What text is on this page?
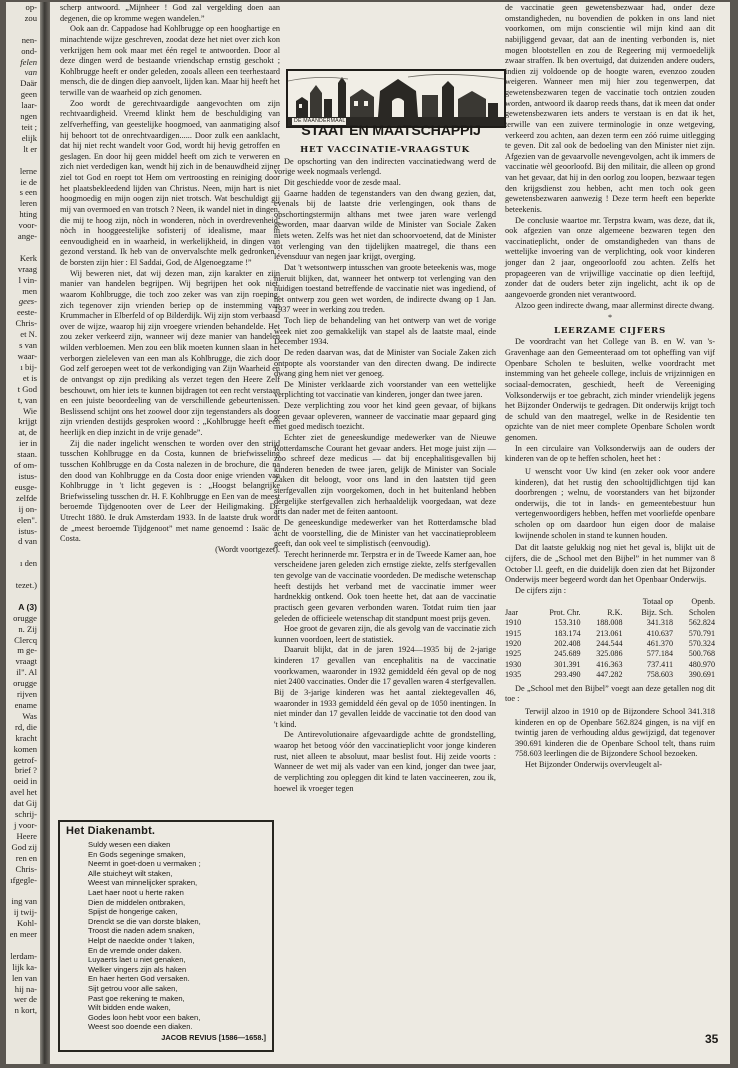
op-
zou

nen-
ond-
felen
van
Daär
geen
laar-
ngen
teit ;
elijk
lt er

lerne
ie de
s een
leren
hting
voor-
ange-

Kerk
vraag
l vin-
men
gees-
eeste-
Chris-
et N.
s van
waar-
ı bij-
et is
t God
t, van
Wie
krijgt
at, de
ier in
staan.
of om-
istus-
eusge-
zelfde
ij on-
elen".
istus-
d van

ı den

tezet.)

A (3)
orugge
n. Zij
Clercq
m ge-
vraagt
il". Al
orugge
rijven
ename
Was
rd, die
kracht
komen
getrof-
brief ?
oeid in
avel het
dat Gij
schrij-
j voor-
Heere
God zij
ren en
Chris-
ıfgegle-

ing van
ij twij-
Kohl-
en meer

lerdam-
lijk ka-
len van
hij na-
wer de
n kort,

scherp antwoord. „Mijnheer ! God zal vergelding doen aan degenen, die op kromme wegen wandelen.”

Ook aan dr. Cappadose had Kohlbrugge op een hooghartige en minachtende wijze geschreven, zoodat deze het niet over zich kon verkrijgen hem ook maar met één regel te antwoorden. Door al deze dingen werd de bestaande vriendschap ernstig geschokt ; Kohlbrugge heeft er onder geleden, zooals alleen een teerhestaard mensch, die de dingen diep aanvoelt, lijden kan. Maar hij heeft het terwille van de waarheid op zich genomen.

Zoo wordt de gerechtvaardigde aangevochten om zijn rechtvaardigheid. Vreemd klinkt hem de beschuldiging van zelfverheffing, van geestelijke hoogmoed, van aanmatiging alsof hij behoort tot de onrechtvaardigen...... Door zulk een aanklacht, dat hij niet recht wandelt voor God, wordt hij hevig getroffen en geslagen. En door hij geen middel heeft om zich te verweren en zich niet verdedigen kan, wendt hij zich in de benauwdheid zijner ziel tot God en roept tot Hem om vertroosting en reiniging door het plaatsbekleedend lijden van Christus. Neen, mijn hart is niet hoogmoedig en mijn oogen zijn niet trotsch. Wat beschuldigt gij mij van overmoed en van trotsch ? Neen, ik wandel niet in dingen, die mij te hoog zijn, nòch in wonderen, nòch in overdrevenheid, nòch in hooggeestelijke sofisterij of idealisme, maar in eenvoudigheid en in waarheid, in werkelijkheid, in dingen van gezond verstand. Ik heb van de onvervalschte melk gedronken ; de borsten zijn hier : El Saddai, God, de Algenoegzame !”

Wij beweren niet, dat wij dezen man, zijn karakter en zijn manier van handelen begrijpen. Wij begrijpen het ook niet, waarom Kohlbrugge, die toch zoo zeker was van zijn roeping, zich tegenover zijn vrienden beriep op de instemming van Krummacher in Elberfeld of op Bilderdijk. Wij zijn stom verbaasd over de wijze, waarop hij zijn vroegere vrienden behandelde. Het zou zeker verkeerd zijn, wanneer wij deze manier van handelen wilden verbloemen. Men zou een blik moeten kunnen slaan in het verborgen zieleleven van een man als Kohlbrugge, die zich door God zelf geroepen weet tot de verkondiging van Zijn Waarheid en de ontvangst op zijn prediking als verzet tegen den Heere Zelf beschouwt, om hier iets te kunnen bijdragen tot een recht verstaan en een juiste beoordeeling van de verschillende gebeurtenissen. Beslissend schijnt ons het zoowel door zijn tegenstanders als door zijn vrienden destijds gesproken woord : „Kohlbrugge heeft een heerlijk en diep inzicht in de vrije genade”.

Zij die nader ingelicht wenschen te worden over den strijd tusschen Kohlbrugge en da Costa, kunnen de briefwisseling tusschen Kohlbrugge en da Costa nalezen in de brochure, die na den dood van Kohlbrugge en da Costa door enige vrienden van Kohlbrugge in 't licht gegeven is : „Hoogst belangrijke Briefwisseling tusschen dr. H. F. Kohlbrugge en Een van de meest beroemde Tijdgenooten over de Leer der Heiligmaking. Dr. Utrecht 1880. Ie druk Amsterdam 1933. In de laatste druk wordt de „meest beroemde Tijdgenoot” met name genoemd : Isaäc de Costa.

(Wordt voortgezet).

Het Diakenambt.
Suldy wesen een diaken
En Gods segeninge smaken,
Neemt in goet-doen u vermaken ;
Alle stuicheyt wilt staken,
Weest van minnelijcker spraken,
Laet haer noot u herte raken
Dien de middelen ontbraken,
Spijst de hongerige caken,
Drenckt se die van dorste blaken,
Troost die naden adem snaken,
Helpt de naeckte onder 't laken,
En de vremde onder daken.
Luyaerts laet u niet genaken,
Welker vingers zijn als haken
En haer herten God versaken.
Sijt getrou voor alle saken,
Past goe rekening te maken,
Wilt bidden ende waken,
Godes loon hebt voor een baken,
Weest soo doende een diaken.
JACOB REVIUS [1586—1658.]
DE MAANDERMAAL
STAAT EN MAATSCHAPPIJ
HET VACCINATIE-VRAAGSTUK

De opschorting van den indirecten vaccinatiedwang werd de vorige week nogmaals verlengd.

Dit geschiedde voor de zesde maal.

Gaarne hadden de tegenstanders van den dwang gezien, dat, evenals bij de laatste drie verlengingen, ook thans de opschortingstermijn althans met twee jaren ware verlengd geworden, maar daarvan wilde de Minister van Sociale Zaken niets weten. Zelfs was het niet dan schoorvoetend, dat de Minister tot verlenging van den tijdelijken maatregel, die thans een levensduur van negen jaar krijgt, overging.

Dat 't wetsontwerp intusschen van groote beteekenis was, moge hieruit blijken, dat, wanneer het ontwerp tot verlenging van den huidigen toestand betreffende de vaccinatie niet was ingediend, of het ontwerp zou geen wet worden, de indirecte dwang op 1 Jan. 1937 weer in werking zou treden.

Toch liep de behandeling van het ontwerp van wet de vorige week niet zoo gemakkelijk van stapel als de laatste maal, einde December 1934.

De reden daarvan was, dat de Minister van Sociale Zaken zich ontpopte als voorstander van den directen dwang. De indirecte dwang ging hem niet ver genoeg.

De Minister verklaarde zich voorstander van een wettelijke verplichting tot vaccinatie van kinderen, jonger dan twee jaren.

Deze verplichting zou voor het kind geen gevaar, of bijkans geen gevaar opleveren, wanneer de vaccinatie maar gepaard ging met goed medisch toezicht.

Echter ziet de geneeskundige medewerker van de Nieuwe Rotterdamsche Courant het gevaar anders. Het moge juist zijn — zoo schreef deze medicus — dat bij encephalitisgevallen bij kinderen beneden de twee jaren, gelijk de Minister van Sociale Zaken dit beloogt, voor ons land in den laatsten tijd geen sterfgevallen zijn voorgekomen, doch in het buitenland hebben dergelijke sterfgevallen zich herhaaldelijk voorgedaan, wat deze arts dan nader met de feiten aantoont.

De geneeskundige medewerker van het Rotterdamsche blad acht de voorstelling, die de Minister van het vaccinatieprobleem geeft, dan ook veel te simplistisch (eenvoudig).

Terecht herinnerde mr. Terpstra er in de Tweede Kamer aan, hoe verscheidene jaren geleden zich ernstige ziekte, zelfs sterfgevallen ten gevolge van de vaccinatie voordeden. De medische wetenschap heeft destijds het verband met de vaccinatie immer weer hardnekkig ontkend. Ook toen heette het, dat aan de vaccinatie practisch geen gevaren verbonden waren. Totdat ruim tien jaar geleden de officieele wetenschap dit standpunt moest prijs geven.

Hoe groot de gevaren zijn, die als gevolg van de vaccinatie zich kunnen voordoen, leert de statistiek.

Daaruit blijkt, dat in de jaren 1924—1935 bij de 2-jarige kinderen 17 gevallen van encephalitis na de vaccinatie voorkwamen, waaronder in 1932 gemiddeld één geval op de nog niet 2400 vaccinaties. Onder die 17 gevallen waren 4 sterfgevallen. Bij de 3-jarige kinderen was het aantal ziektegevallen 46, waaronder in 1933 gemiddeld één geval op de 1050 inentingen. In niet minder dan 17 gevallen leidde de vaccinatie tot den dood van 't kind.

De Antirevolutionaire afgevaardigde achtte de grondstelling, waarop het betoog vóór den vaccinatieplicht voor jonge kinderen rust, niet alleen te absoluut, maar beslist fout. Hij zeide voorts : Wanneer de wet mij als vader van een kind, jonger dan twee jaar, de verplichting zou opleggen dit kind te laten vaccineeren, zou ik, hoewel ik vroeger tegen

de vaccinatie geen gewetensbezwaar had, onder deze omstandigheden, nu bovendien de pokken in ons land niet voorkomen, om mijn conscientie wil mijn kind aan dit nabijliggend gevaar, dat aan de inenting verbonden is, niet mogen blootstellen en zou de Regeering mij vermoedelijk zwaar straffen. Ik ben overtuigd, dat duizenden andere ouders, indien zij voldoende op de hoogte waren, evenzoo zouden weigeren. Wanneer men mij hier zou tegenwerpen, dat gewetensbezwaren tegen de vaccinatie toch ontzien zouden worden, antwoord ik daarop reeds thans, dat ik meen dat onder gewetensbezwaren iets anders te verstaan is en dat ik het, terwille van een zuivere terminologie in onze wetgeving, verkeerd zou achten, aan dezen term een zóó ruime uitlegging te geven. Dit zal ook de bedoeling van den Minister niet zijn. Afgezien van de gevaarvolle nevengevolgen, acht ik immers de vaccinatie wèl geoorloofd. Bij den militair, die alleen op grond van het gevaar, dat hij in den oorlog zou loopen, bezwaar tegen den krijgsdienst zou hebben, acht men toch ook geen gewetensbezwaren aanwezig ! Deze term heeft een beperkte beteekenis.

De conclusie waartoe mr. Terpstra kwam, was deze, dat ik, ook afgezien van onze algemeene bezwaren tegen den vaccinatieplicht, onder de omstandigheden van thans de wettelijke invoering van de verplichting, ook voor kinderen jonger dan 2 jaar, ongeoorloofd zou achten. Zelfs het propageeren van de vrijwillige vaccinatie op dien leeftijd, zonder dat de ouders beter zijn ingelicht, acht ik op de aangevoerde gronden niet verantwoord.

Alzoo geen indirecte dwang, maar allerminst directe dwang.

*
LEERZAME CIJFERS

De voordracht van het College van B. en W. van 's-Gravenhage aan den Gemeenteraad om tot opheffing van vijf Openbare Scholen te besluiten, welke voordracht met instemming van het geheele college, incluis de vrijzinnigen en sociaal-democraten, geschiedt, heeft de Vereeniging Volksonderwijs er toe gebracht, zich minder vriendelijk jegens het Bijzonder Onderwijs te gedragen. Dit onderwijs krijgt toch de schuld van den maatregel, welke in de Residentie ten opzichte van de niet meer complete Openbare Scholen wordt genomen.

In een circulaire van Volksonderwijs aan de ouders der kinderen van de op te heffen scholen, heet het :

U wenscht voor Uw kind (en zeker ook voor andere kinderen), dat het rustig den schooltijdlichtgen tijd kan doorbrengen ; welnu, de voorstanders van het bijzonder onderwijs, die tot in lands- en gemeentebestuur hun vertegenwoordigers hebben, heffen met voorliefde openbare scholen op om daardoor hun eigen door de malaise kwijnende scholen in stand te kunnen houden.

Dat dit laatste gelukkig nog niet het geval is, blijkt uit de cijfers, die de „School met den Bijbel” in het nummer van 8 October l.l. geeft, en die duidelijk doen zien dat het Bijzonder Onderwijs meer begeerd wordt dan het Openbaar Onderwijs.

De cijfers zijn :

			Totaal op	Openb.
Jaar	Prot. Chr.	R.K.	Bijz. Sch.	Scholen
1910	153.310	188.008	341.318	562.824
1915	183.174	213.061	410.637	570.791
1920	202.408	244.544	461.370	570.324
1925	245.689	325.086	577.184	500.768
1930	301.391	416.363	737.411	480.970
1935	293.490	447.282	758.603	390.691

De „School met den Bijbel” voegt aan deze getallen nog dit toe :

Terwijl alzoo in 1910 op de Bijzondere School 341.318 kinderen en op de Openbare 562.824 gingen, is na vijf en twintig jaren de verhouding aldus gewijzigd, dat tegenover 390.691 kinderen die de Openbare School telt, thans ruim 758.603 leerlingen die de Bijzondere School bezoeken.

Het Bijzonder Onderwijs overvleugelt al-

35
